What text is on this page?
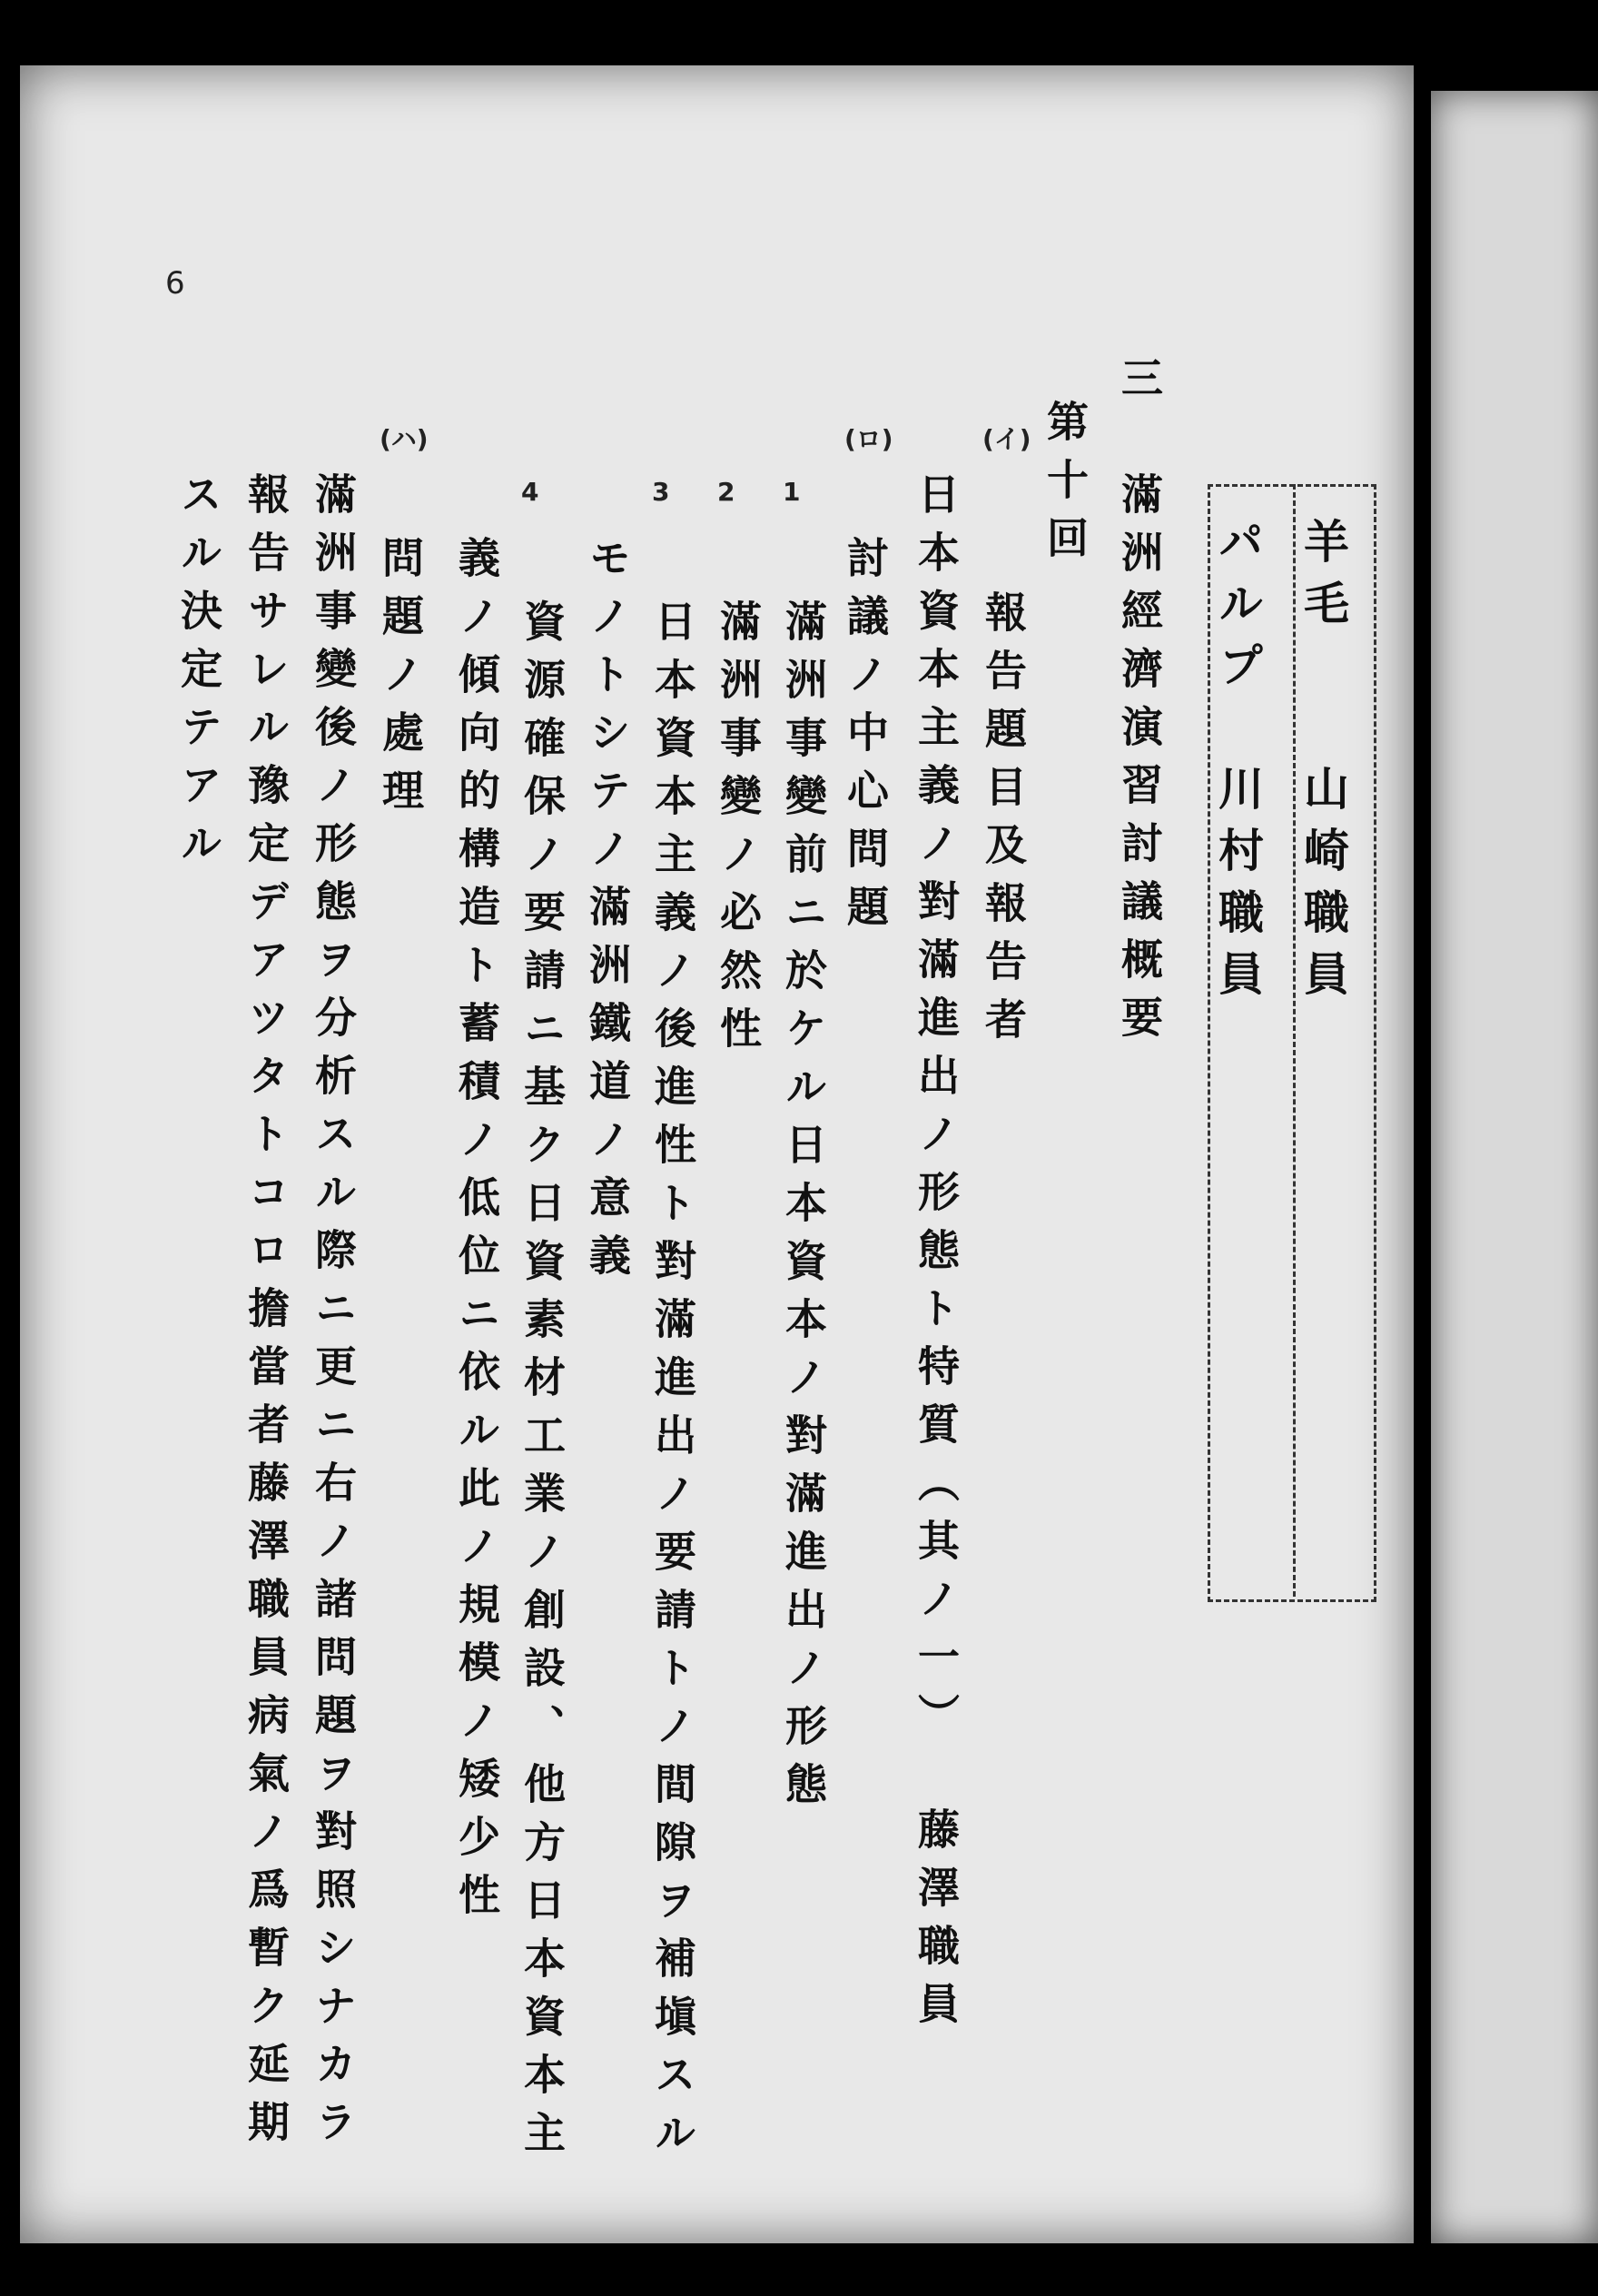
6
三
滿洲經濟演習討議概要	羊毛　　山崎職員
パルプ　川村職員
第十回
(イ)
報告題目及報告者
日本資本主義ノ對滿進出ノ形態ト特質（其ノ一）
藤澤職員
(ロ)
討議ノ中心問題
1
滿洲事變前ニ於ケル日本資本ノ對滿進出ノ形態
2
滿洲事變ノ必然性
3
日本資本主義ノ後進性ト對滿進出ノ要請トノ間隙ヲ補塡スル
モノトシテノ滿洲鐵道ノ意義
4
資源確保ノ要請ニ基ク日資素材工業ノ創設、他方日本資本主
義ノ傾向的構造ト蓄積ノ低位ニ依ル此ノ規模ノ矮少性
(ハ)
問題ノ處理
滿洲事變後ノ形態ヲ分析スル際ニ更ニ右ノ諸問題ヲ對照シナカラ
報告サレル豫定デアツタトコロ擔當者藤澤職員病氣ノ爲暫ク延期
スル決定テアル
